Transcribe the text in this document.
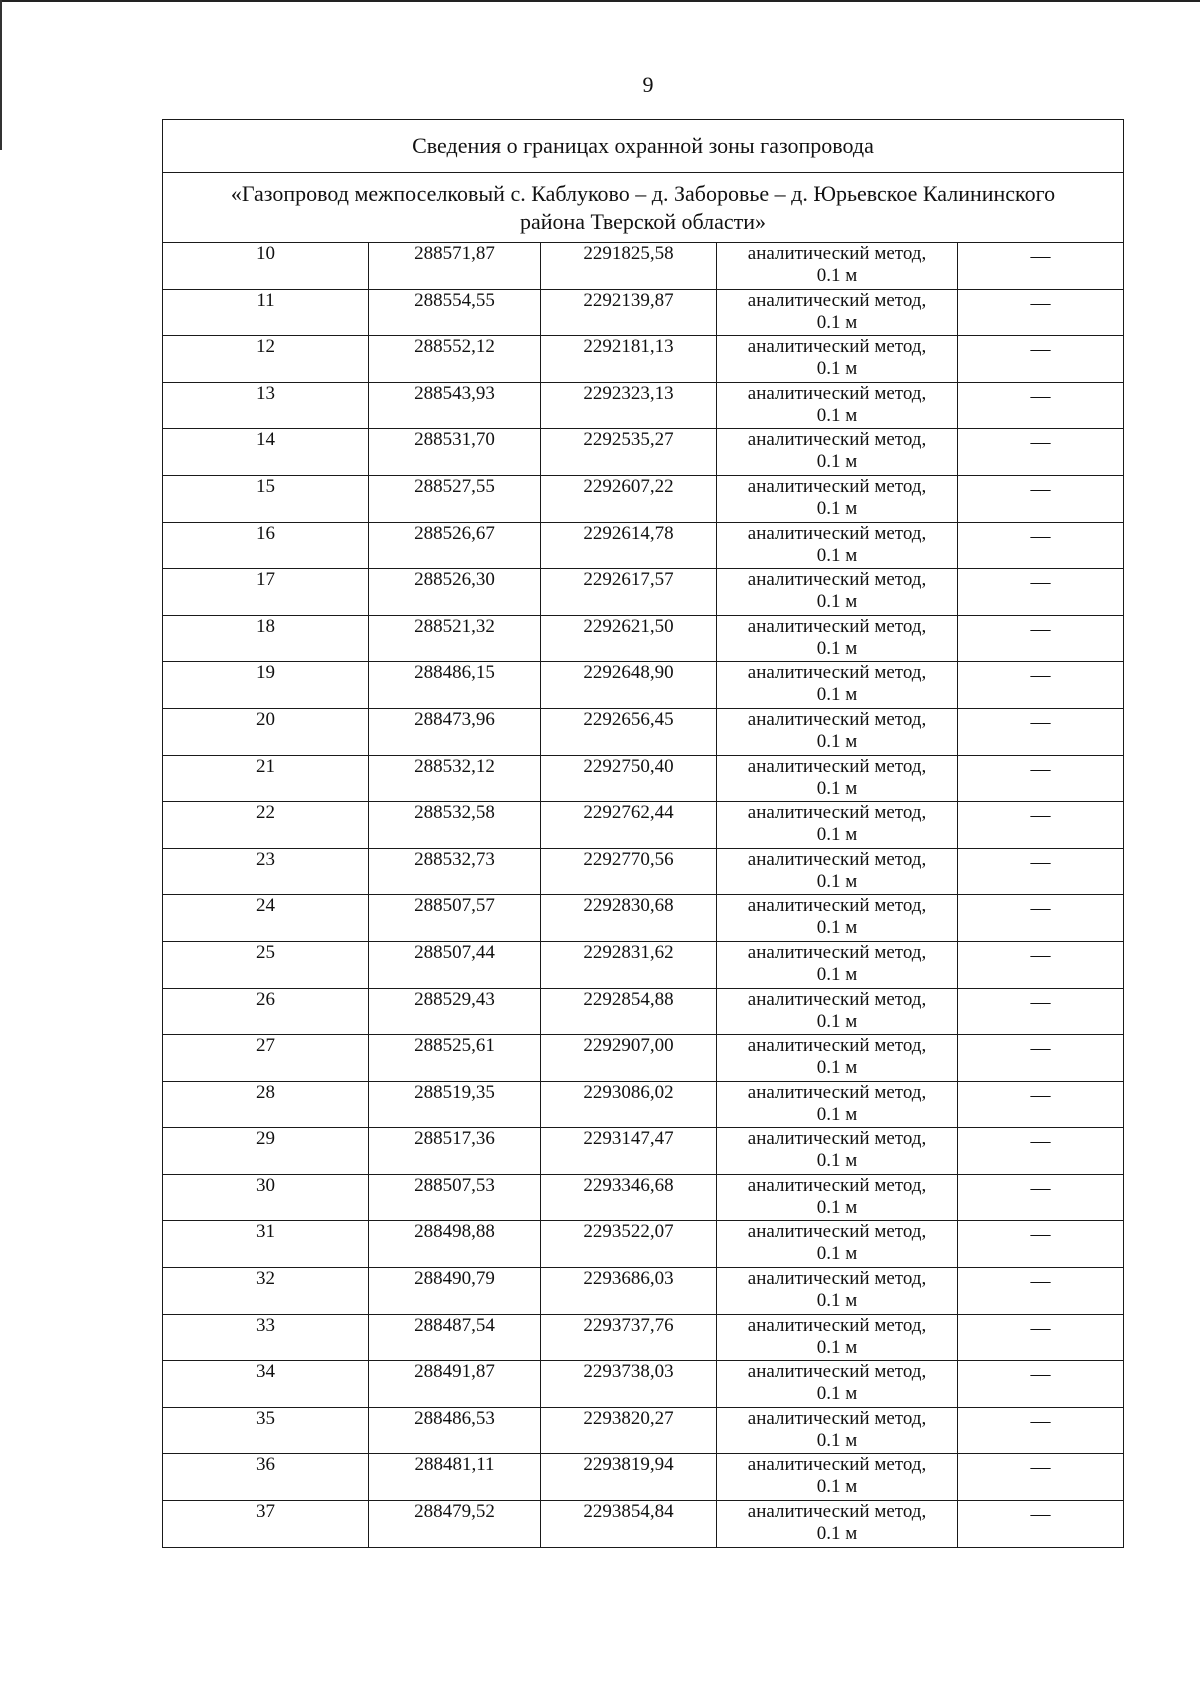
9
Сведения о границах охранной зоны газопровода				
«Газопровод межпоселковый с. Каблуково – д. Заборовье – д. Юрьевское Калининского
района Тверской области»				

10	288571,87	2291825,58	аналитический метод,
0.1 м	—

11	288554,55	2292139,87	аналитический метод,
0.1 м	—

12	288552,12	2292181,13	аналитический метод,
0.1 м	—

13	288543,93	2292323,13	аналитический метод,
0.1 м	—

14	288531,70	2292535,27	аналитический метод,
0.1 м	—

15	288527,55	2292607,22	аналитический метод,
0.1 м	—

16	288526,67	2292614,78	аналитический метод,
0.1 м	—

17	288526,30	2292617,57	аналитический метод,
0.1 м	—

18	288521,32	2292621,50	аналитический метод,
0.1 м	—

19	288486,15	2292648,90	аналитический метод,
0.1 м	—

20	288473,96	2292656,45	аналитический метод,
0.1 м	—

21	288532,12	2292750,40	аналитический метод,
0.1 м	—

22	288532,58	2292762,44	аналитический метод,
0.1 м	—

23	288532,73	2292770,56	аналитический метод,
0.1 м	—

24	288507,57	2292830,68	аналитический метод,
0.1 м	—

25	288507,44	2292831,62	аналитический метод,
0.1 м	—

26	288529,43	2292854,88	аналитический метод,
0.1 м	—

27	288525,61	2292907,00	аналитический метод,
0.1 м	—

28	288519,35	2293086,02	аналитический метод,
0.1 м	—

29	288517,36	2293147,47	аналитический метод,
0.1 м	—

30	288507,53	2293346,68	аналитический метод,
0.1 м	—

31	288498,88	2293522,07	аналитический метод,
0.1 м	—

32	288490,79	2293686,03	аналитический метод,
0.1 м	—

33	288487,54	2293737,76	аналитический метод,
0.1 м	—

34	288491,87	2293738,03	аналитический метод,
0.1 м	—

35	288486,53	2293820,27	аналитический метод,
0.1 м	—

36	288481,11	2293819,94	аналитический метод,
0.1 м	—

37	288479,52	2293854,84	аналитический метод,
0.1 м	—
